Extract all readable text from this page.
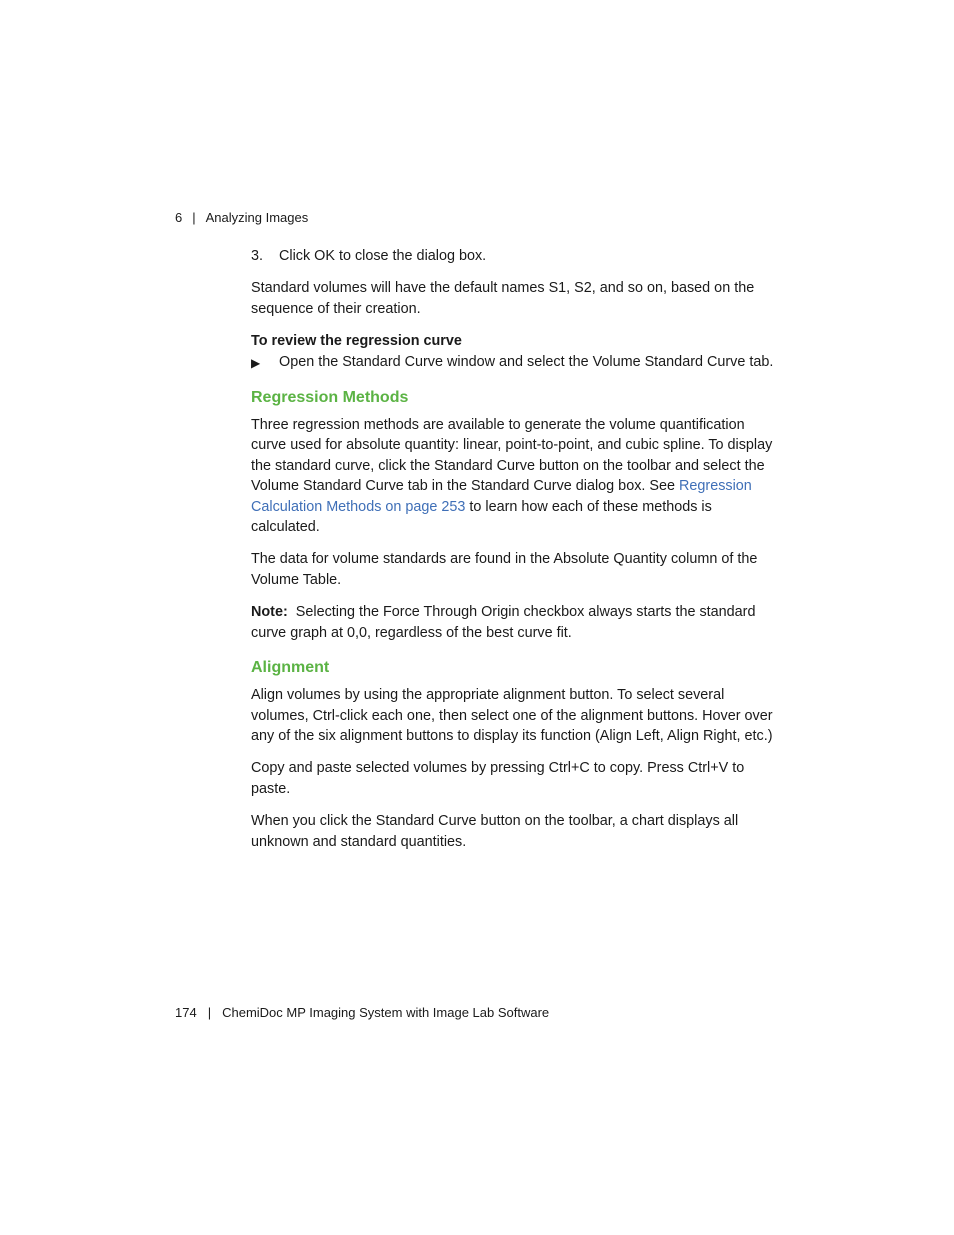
6 | Analyzing Images
3.	Click OK to close the dialog box.

Standard volumes will have the default names S1, S2, and so on, based on the sequence of their creation.

To review the regression curve

▶	Open the Standard Curve window and select the Volume Standard Curve tab.
Regression Methods

Three regression methods are available to generate the volume quantification curve used for absolute quantity: linear, point-to-point, and cubic spline. To display the standard curve, click the Standard Curve button on the toolbar and select the Volume Standard Curve tab in the Standard Curve dialog box. See Regression Calculation Methods on page 253 to learn how each of these methods is calculated.

The data for volume standards are found in the Absolute Quantity column of the Volume Table.

Note: Selecting the Force Through Origin checkbox always starts the standard curve graph at 0,0, regardless of the best curve fit.

Alignment

Align volumes by using the appropriate alignment button. To select several volumes, Ctrl-click each one, then select one of the alignment buttons. Hover over any of the six alignment buttons to display its function (Align Left, Align Right, etc.)

Copy and paste selected volumes by pressing Ctrl+C to copy. Press Ctrl+V to paste.

When you click the Standard Curve button on the toolbar, a chart displays all unknown and standard quantities.

174 | ChemiDoc MP Imaging System with Image Lab Software
